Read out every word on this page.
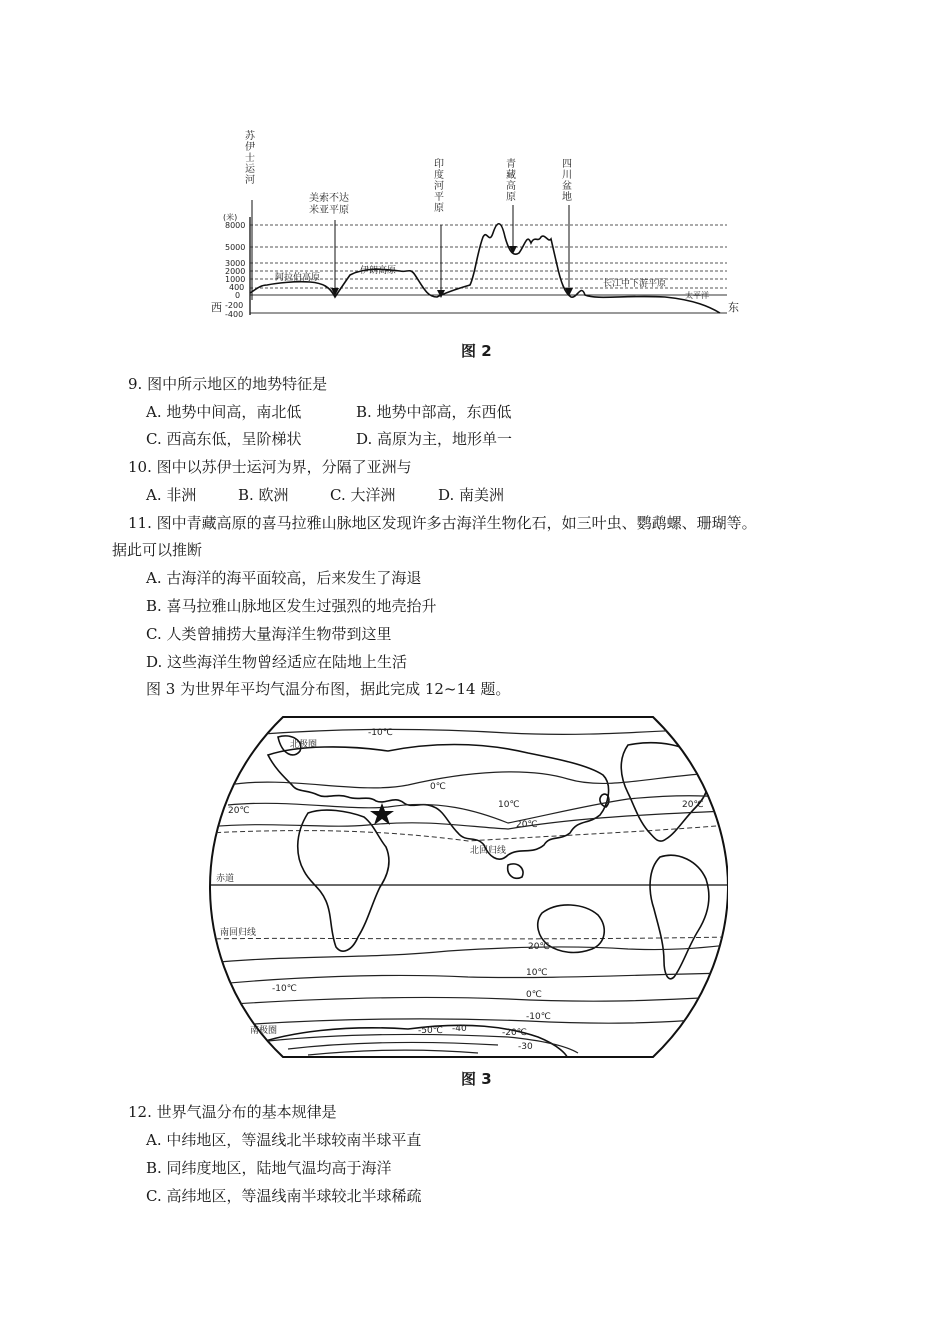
(米)
8000
5000
3000
2000
1000
400
0
-200
-400
西	东
苏伊士运河
印度河平原
青藏高原
四川盆地
美索不达
米亚平原
阿拉伯高原
伊朗高原
长江中下游平原
太平洋
图 2
9. 图中所示地区的地势特征是
A. 地势中间高，南北低	B. 地势中部高，东西低
C. 西高东低，呈阶梯状	D. 高原为主，地形单一
10. 图中以苏伊士运河为界，分隔了亚洲与
A. 非洲	B. 欧洲	C. 大洋洲	D. 南美洲
11. 图中青藏高原的喜马拉雅山脉地区发现许多古海洋生物化石，如三叶虫、鹦鹉螺、珊瑚等。
据此可以推断
A. 古海洋的海平面较高，后来发生了海退
B. 喜马拉雅山脉地区发生过强烈的地壳抬升
C. 人类曾捕捞大量海洋生物带到这里
D. 这些海洋生物曾经适应在陆地上生活
图 3 为世界年平均气温分布图，据此完成 12~14 题。
北极圈
北回归线
赤道
南回归线
南极圈
-10℃
0℃
10℃
20℃
20℃
20℃
20℃
10℃
0℃
-10℃
-10℃
-20℃
-30
-40
-50℃
图 3
12. 世界气温分布的基本规律是
A. 中纬地区，等温线北半球较南半球平直
B. 同纬度地区，陆地气温均高于海洋
C. 高纬地区，等温线南半球较北半球稀疏
